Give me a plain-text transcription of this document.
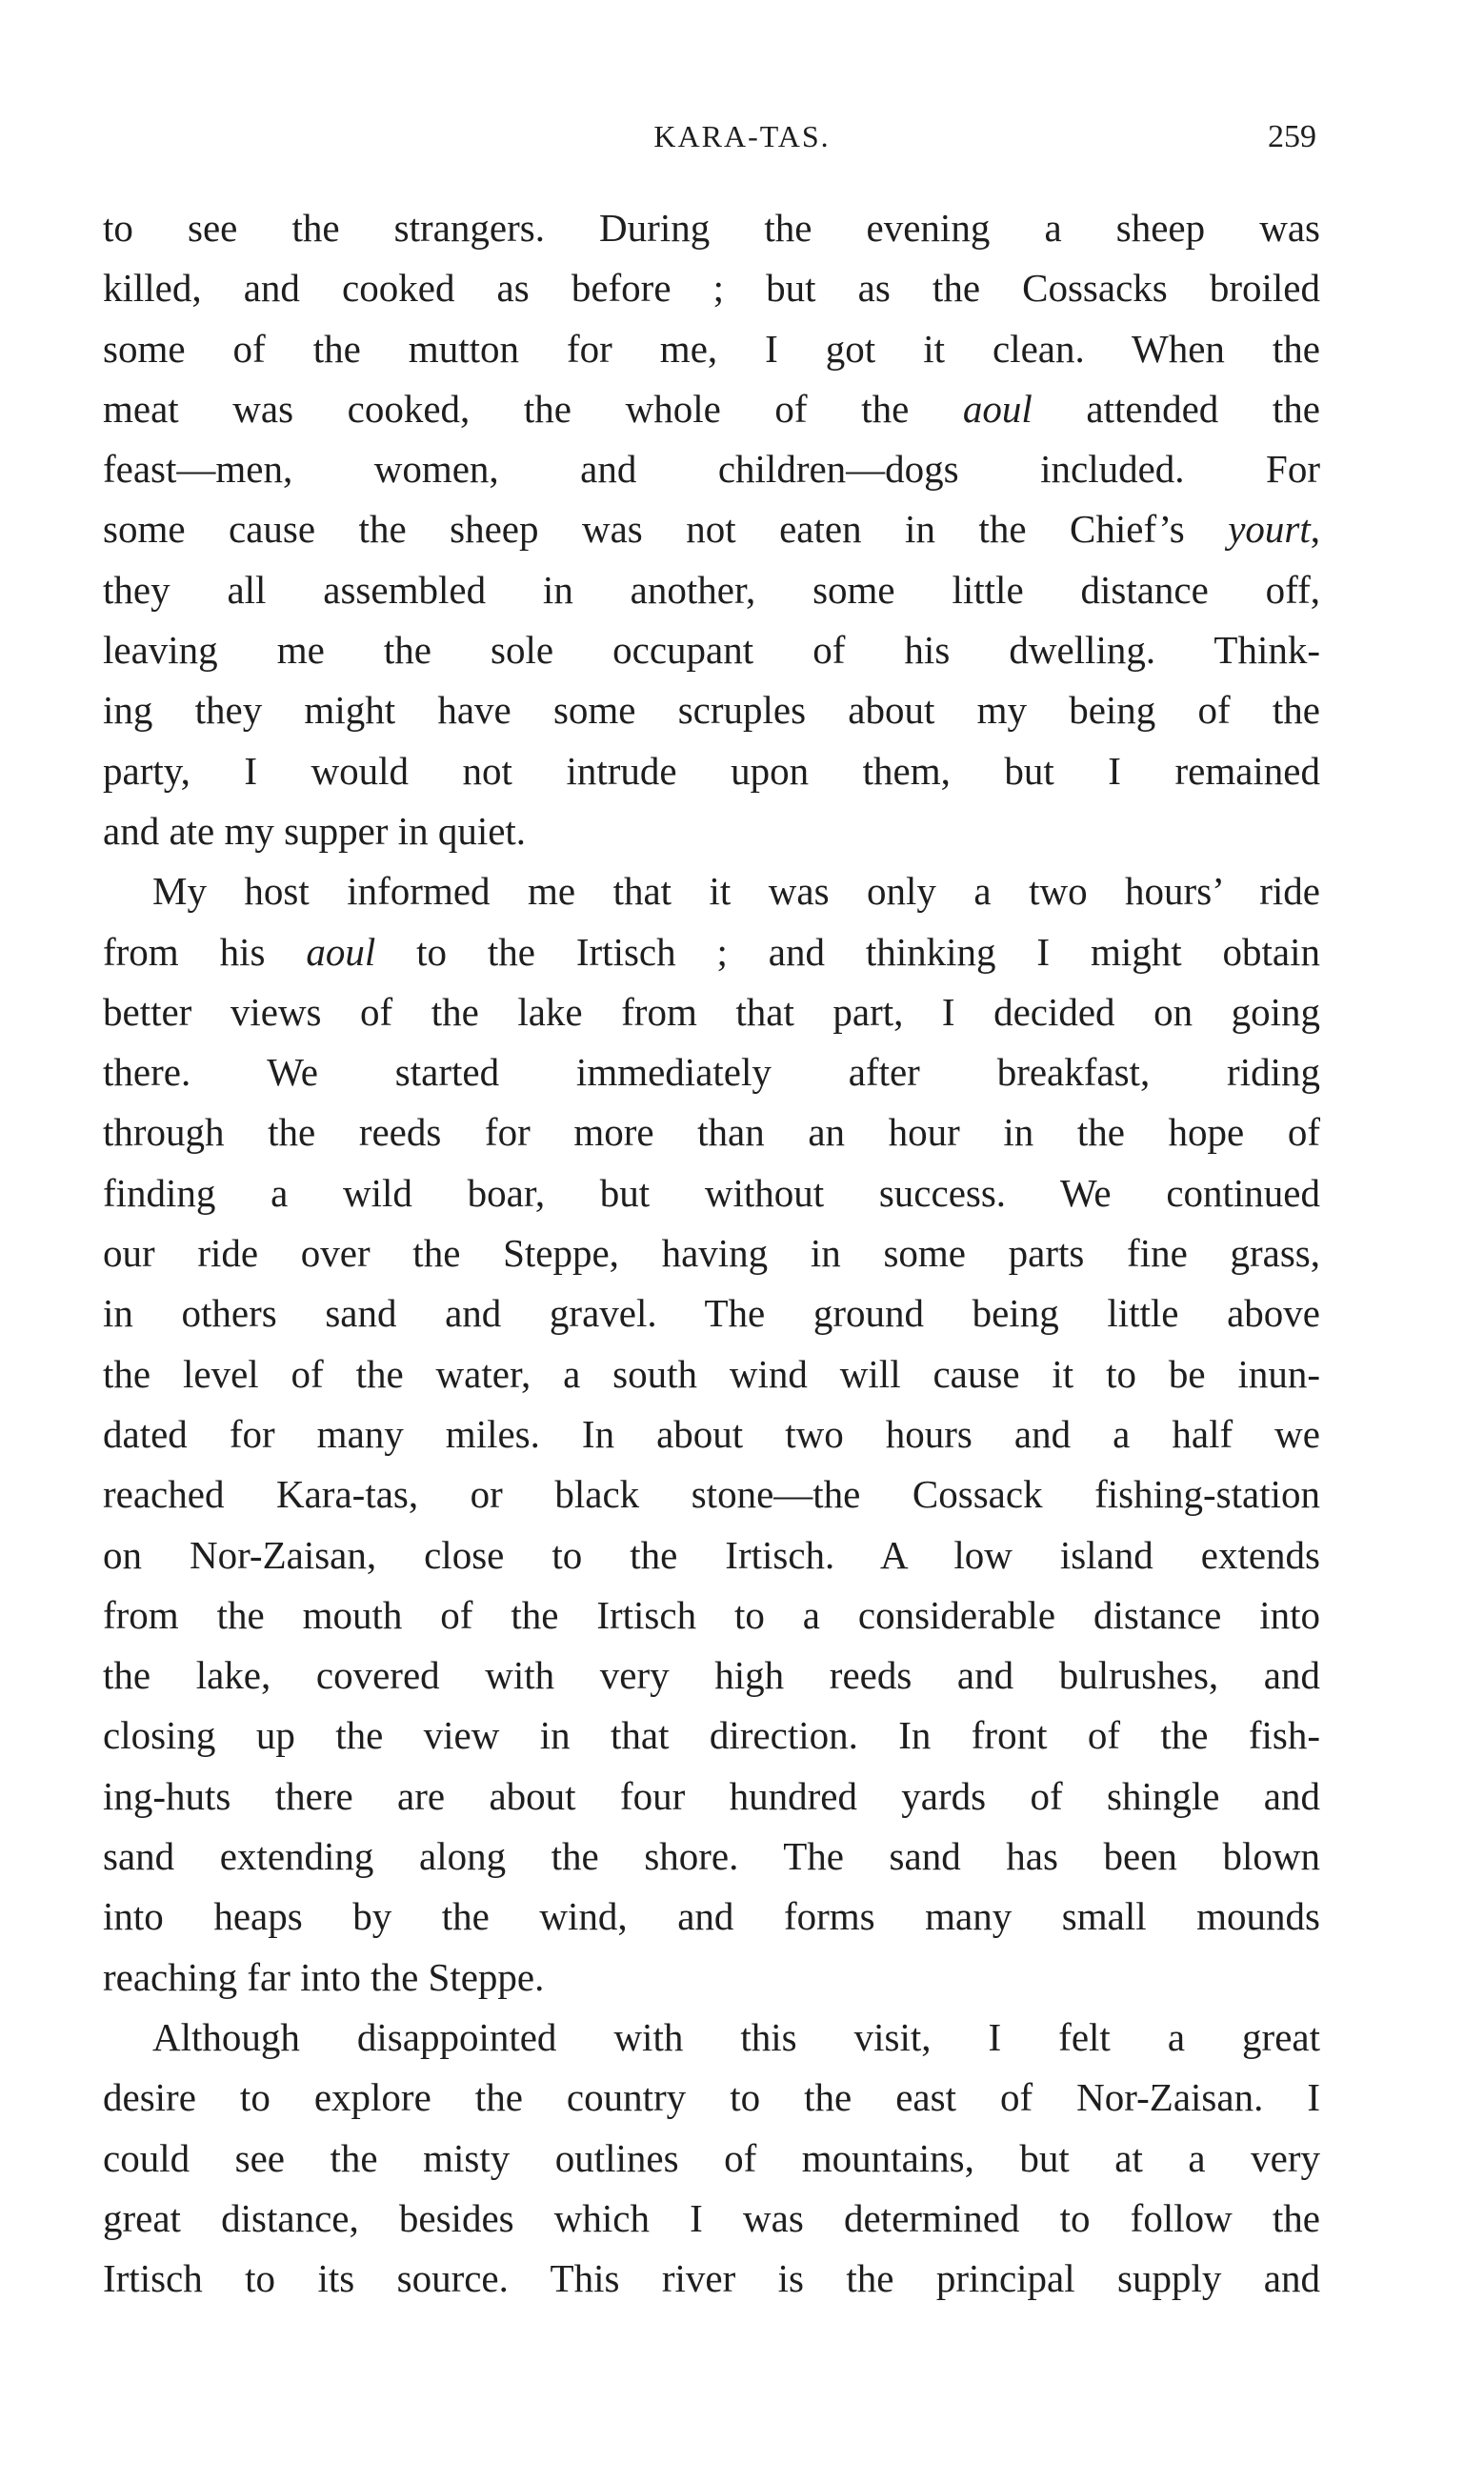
KARA-TAS.	259
to see the strangers. During the evening a sheep was
killed, and cooked as before ; but as the Cossacks broiled
some of the mutton for me, I got it clean. When the
meat was cooked, the whole of the aoul attended the
feast—men, women, and children—dogs included. For
some cause the sheep was not eaten in the Chief’s yourt,
they all assembled in another, some little distance off,
leaving me the sole occupant of his dwelling. Think-
ing they might have some scruples about my being of the
party, I would not intrude upon them, but I remained
and ate my supper in quiet.
My host informed me that it was only a two hours’ ride
from his aoul to the Irtisch ; and thinking I might obtain
better views of the lake from that part, I decided on going
there. We started immediately after breakfast, riding
through the reeds for more than an hour in the hope of
finding a wild boar, but without success. We continued
our ride over the Steppe, having in some parts fine grass,
in others sand and gravel. The ground being little above
the level of the water, a south wind will cause it to be inun-
dated for many miles. In about two hours and a half we
reached Kara-tas, or black stone—the Cossack fishing-station
on Nor-Zaisan, close to the Irtisch. A low island extends
from the mouth of the Irtisch to a considerable distance into
the lake, covered with very high reeds and bulrushes, and
closing up the view in that direction. In front of the fish-
ing-huts there are about four hundred yards of shingle and
sand extending along the shore. The sand has been blown
into heaps by the wind, and forms many small mounds
reaching far into the Steppe.
Although disappointed with this visit, I felt a great
desire to explore the country to the east of Nor-Zaisan. I
could see the misty outlines of mountains, but at a very
great distance, besides which I was determined to follow the
Irtisch to its source. This river is the principal supply and
